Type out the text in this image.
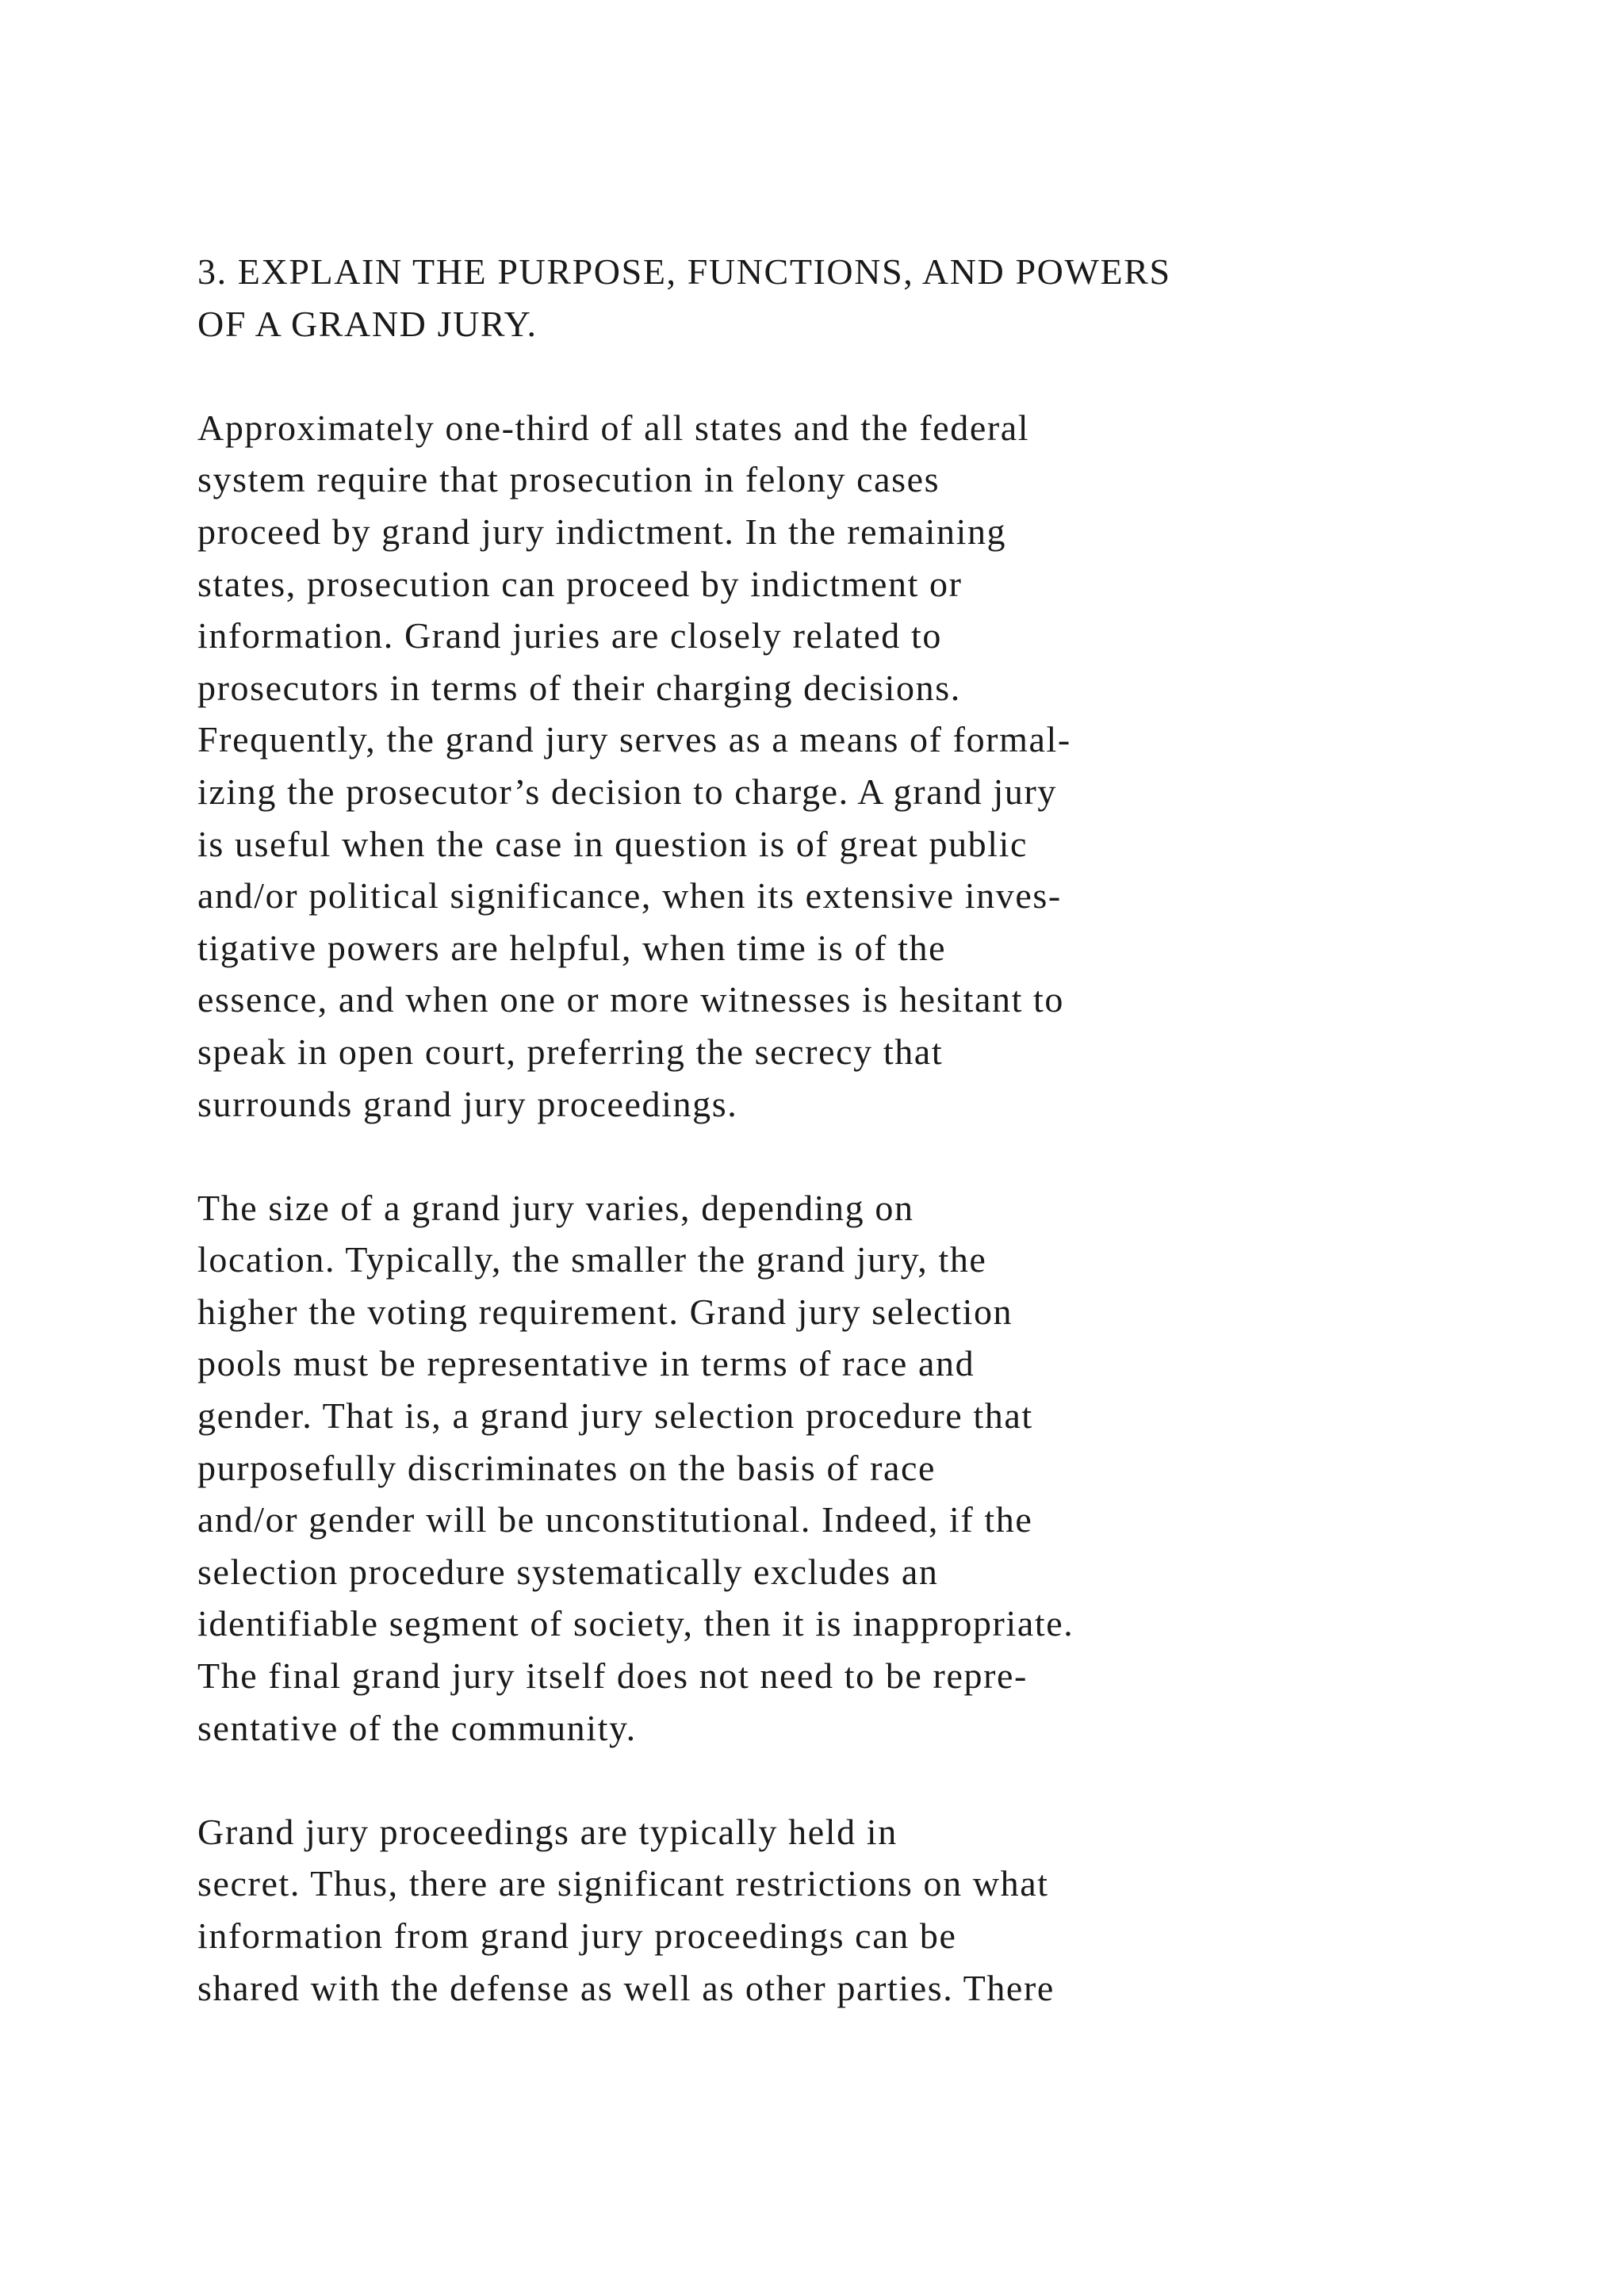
3. EXPLAIN THE PURPOSE, FUNCTIONS, AND POWERS
OF A GRAND JURY.
Approximately one-third of all states and the federal
system require that prosecution in felony cases
proceed by grand jury indictment. In the remaining
states, prosecution can proceed by indictment or
information. Grand juries are closely related to
prosecutors in terms of their charging decisions.
Frequently, the grand jury serves as a means of formal-
izing the prosecutor’s decision to charge. A grand jury
is useful when the case in question is of great public
and/or political significance, when its extensive inves-
tigative powers are helpful, when time is of the
essence, and when one or more witnesses is hesitant to
speak in open court, preferring the secrecy that
surrounds grand jury proceedings.
The size of a grand jury varies, depending on
location. Typically, the smaller the grand jury, the
higher the voting requirement. Grand jury selection
pools must be representative in terms of race and
gender. That is, a grand jury selection procedure that
purposefully discriminates on the basis of race
and/or gender will be unconstitutional. Indeed, if the
selection procedure systematically excludes an
identifiable segment of society, then it is inappropriate.
The final grand jury itself does not need to be repre-
sentative of the community.
Grand jury proceedings are typically held in
secret. Thus, there are significant restrictions on what
information from grand jury proceedings can be
shared with the defense as well as other parties. There
